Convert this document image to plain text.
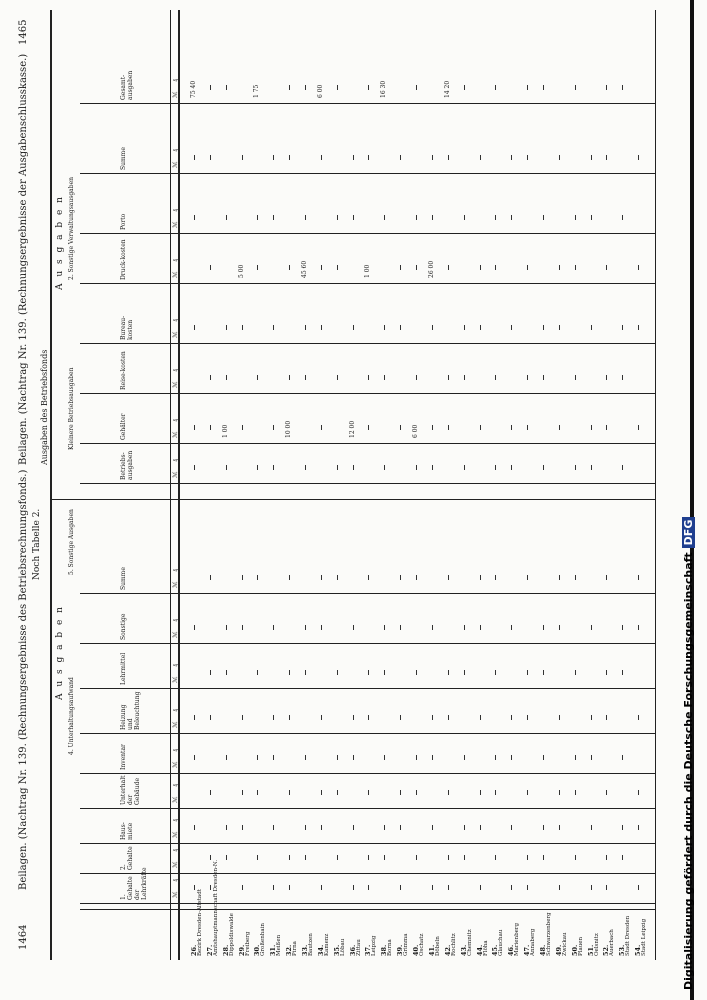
1464
Beilagen. (Nachtrag Nr. 139. (Rechnungsergebnisse des Betriebsrechnungsfonds.) Noch Tabelle 2.
Beilagen. (Nachtrag Nr. 139. (Rechnungsergebnisse der Ausgabenschlusskasse.)
1465
Ausgaben des Betriebsfonds
A u s g a b e n
A u s g a b e n
4. Unterhaltungsaufwand
5. Sonstige Ausgaben
Kleinere Betriebsausgaben
2. Sonstige Verwaltungsausgaben
1. Gehalte der Lehrkräfte
2. Gehalte
Haus-miete
Unterhalt der Gebäude
Inventar
Heizung und Beleuchtung
Lehrmittel
Sonstige
Summe
Betriebs-ausgaben
Gehälter
Reise-kosten
Bureau-kosten
Druck-kosten
Porto
Summe
Gesamt-ausgaben
ℳ
₰
ℳ
₰
ℳ
₰
ℳ
₰
ℳ
₰
ℳ
₰
ℳ
₰
ℳ
₰
ℳ
₰
ℳ
₰
ℳ
₰
ℳ
₰
ℳ
₰
ℳ
₰
ℳ
₰
ℳ
₰
ℳ
₰
26. Bezirk Dresden-Altstadt
75 40
27. Amtshauptmannschaft Dresden-N. 28. Dippoldiswalde
1 00
29. Freiberg
5 00
30. Großenhain
1 75
31. Meißen 32. Pirna
10 00
33. Bautzen
45 60
34. Kamenz
6 00
35. Löbau 36. Zittau
12 00
37. Leipzig
1 00
38. Borna
16 30
39. Grimma 40. Oschatz
6 00
41. Döbeln
26 00
42. Rochlitz
14 20
43. Chemnitz 44. Flöha 45. Glauchau 46. Marienberg 47. Annaberg 48. Schwarzenberg 49. Zwickau 50. Plauen 51. Oelsnitz 52. Auerbach 53. Stadt Dresden 54. Stadt Leipzig	Digitalisierung gefördert durch die Deutsche ForschungsgemeinschaftDFG
